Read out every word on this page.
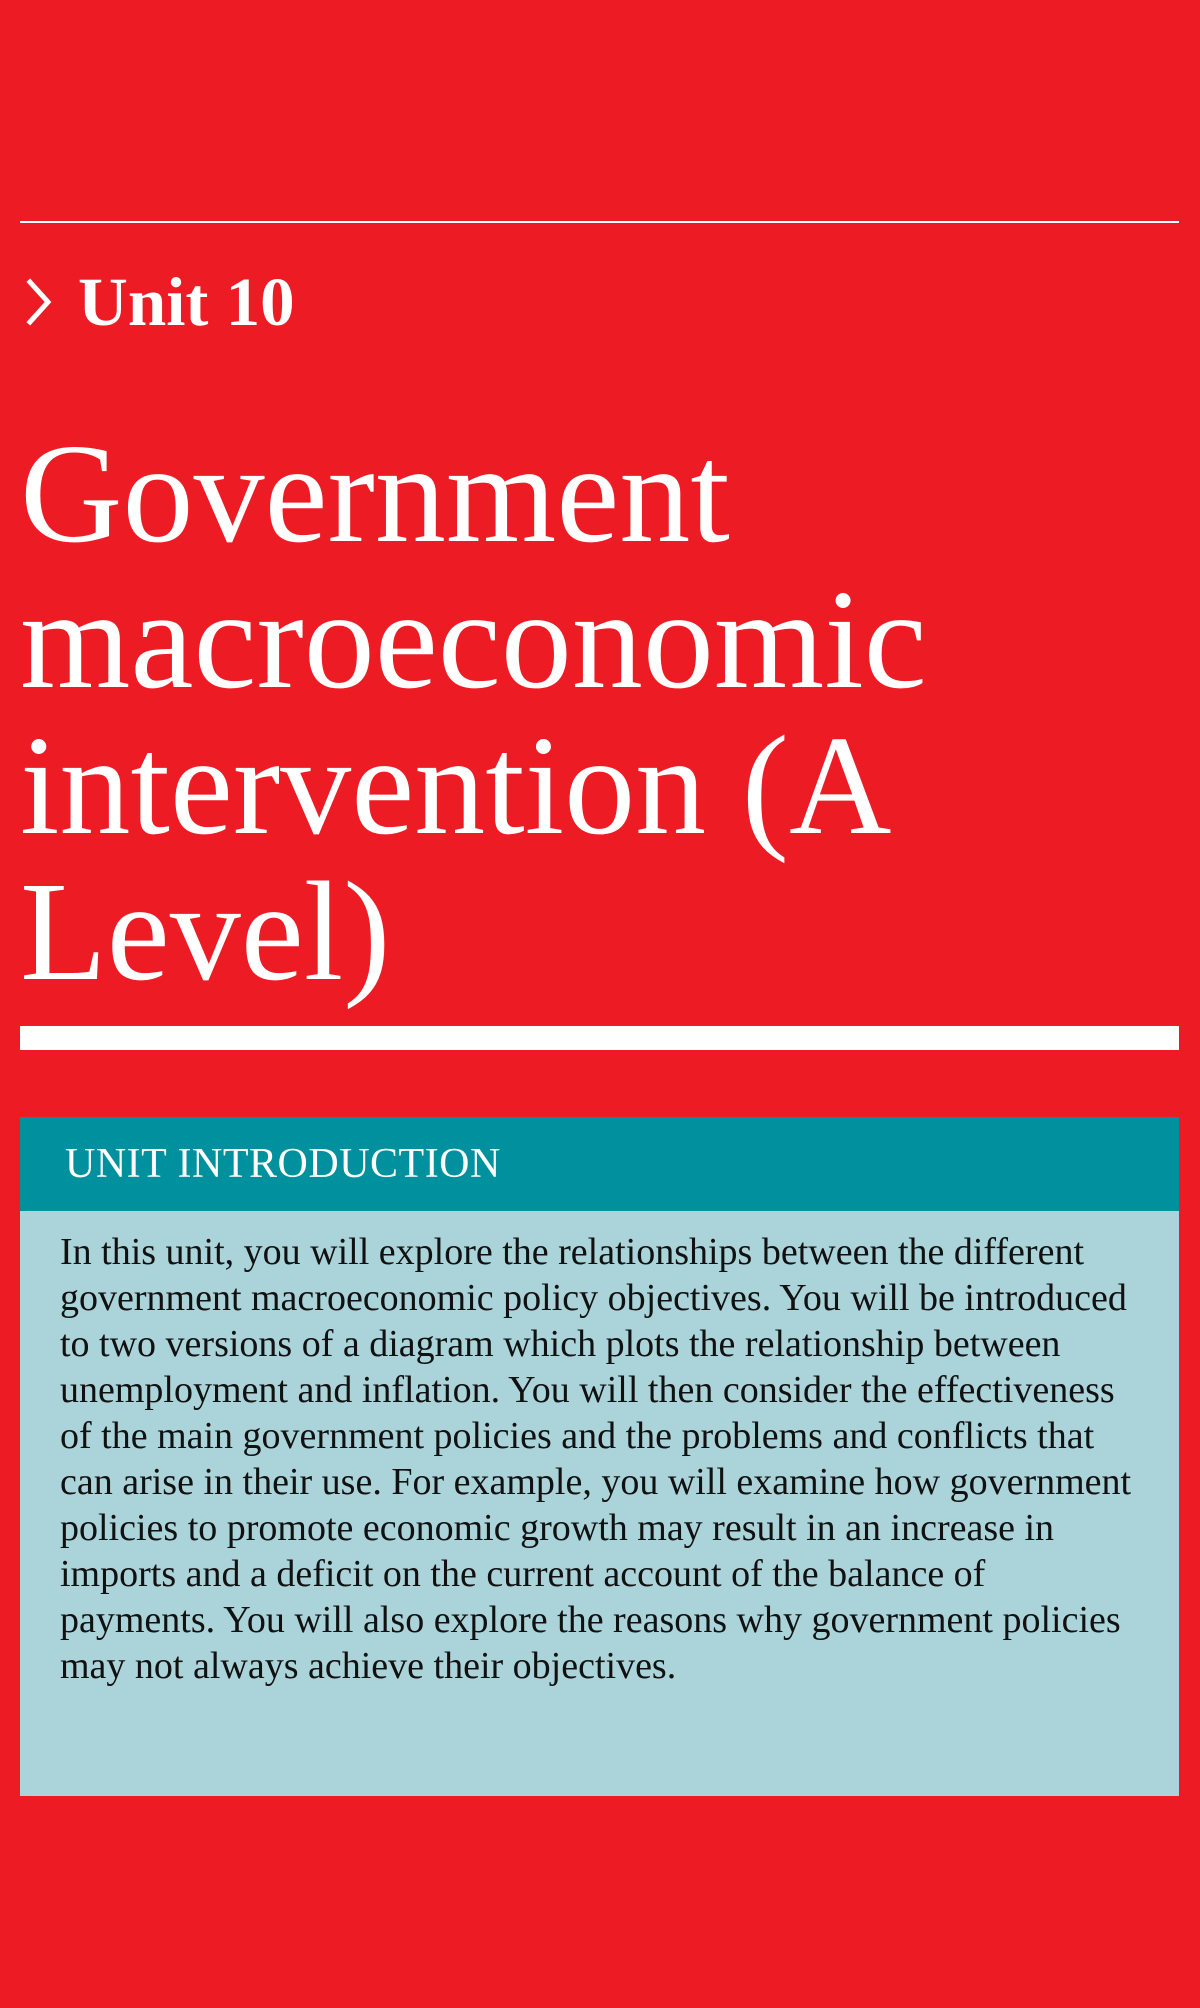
Unit 10
Government macroeconomic intervention (A Level)
UNIT INTRODUCTION

In this unit, you will explore the relationships between the different government macroeconomic policy objectives. You will be introduced to two versions of a diagram which plots the relationship between unemployment and inflation. You will then consider the effectiveness of the main government policies and the problems and conflicts that can arise in their use. For example, you will examine how government policies to promote economic growth may result in an increase in imports and a deficit on the current account of the balance of payments. You will also explore the reasons why government policies may not always achieve their objectives.
